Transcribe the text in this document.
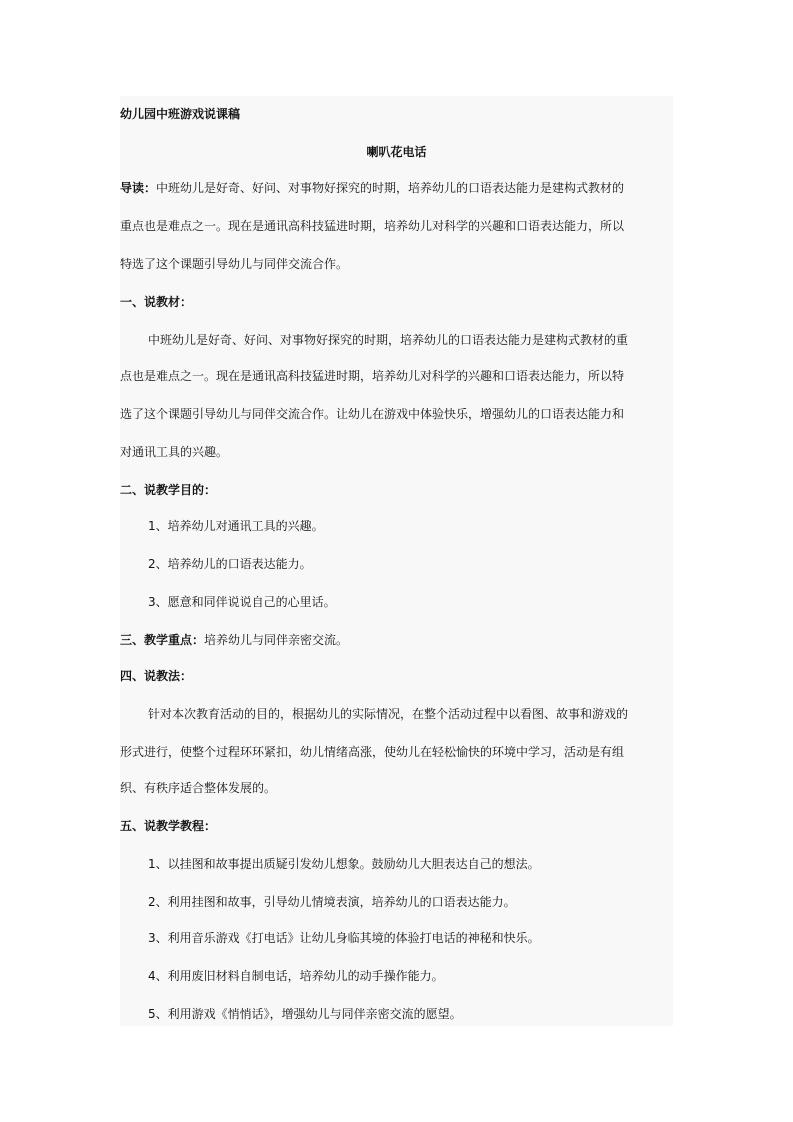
幼儿园中班游戏说课稿
喇叭花电话
导读：中班幼儿是好奇、好问、对事物好探究的时期，培养幼儿的口语表达能力是建构式教材的
重点也是难点之一。现在是通讯高科技猛进时期，培养幼儿对科学的兴趣和口语表达能力，所以
特选了这个课题引导幼儿与同伴交流合作。
一、说教材：
中班幼儿是好奇、好问、对事物好探究的时期，培养幼儿的口语表达能力是建构式教材的重
点也是难点之一。现在是通讯高科技猛进时期，培养幼儿对科学的兴趣和口语表达能力，所以特
选了这个课题引导幼儿与同伴交流合作。让幼儿在游戏中体验快乐，增强幼儿的口语表达能力和
对通讯工具的兴趣。
二、说教学目的：
1、培养幼儿对通讯工具的兴趣。
2、培养幼儿的口语表达能力。
3、愿意和同伴说说自己的心里话。
三、教学重点：培养幼儿与同伴亲密交流。
四、说教法：
针对本次教育活动的目的，根据幼儿的实际情况，在整个活动过程中以看图、故事和游戏的
形式进行，使整个过程环环紧扣，幼儿情绪高涨，使幼儿在轻松愉快的环境中学习，活动是有组
织、有秩序适合整体发展的。
五、说教学教程：
1、以挂图和故事提出质疑引发幼儿想象。鼓励幼儿大胆表达自己的想法。
2、利用挂图和故事，引导幼儿情境表演，培养幼儿的口语表达能力。
3、利用音乐游戏《打电话》让幼儿身临其境的体验打电话的神秘和快乐。
4、利用废旧材料自制电话，培养幼儿的动手操作能力。
5、利用游戏《悄悄话》，增强幼儿与同伴亲密交流的愿望。
